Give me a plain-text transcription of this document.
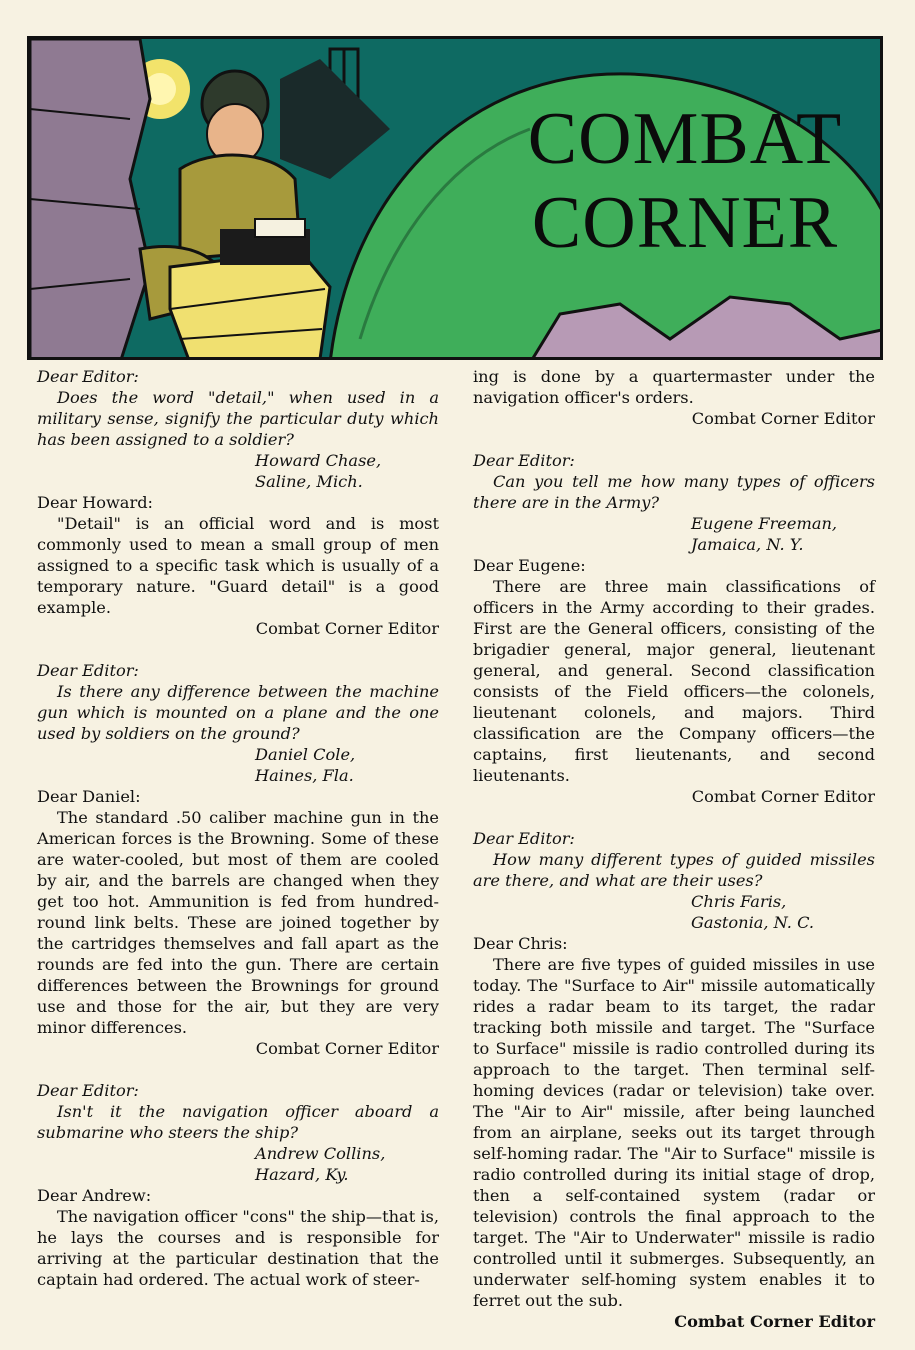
COMBAT
CORNER

Dear Editor:

Does the word "detail," when used in a military sense, signify the particular duty which has been assigned to a soldier?

Howard Chase,

Saline, Mich.

Dear Howard:

"Detail" is an official word and is most commonly used to mean a small group of men assigned to a specific task which is usually of a temporary nature. "Guard detail" is a good example.

Combat Corner Editor

Dear Editor:

Is there any difference between the machine gun which is mounted on a plane and the one used by soldiers on the ground?

Daniel Cole,

Haines, Fla.

Dear Daniel:

The standard .50 caliber machine gun in the American forces is the Browning. Some of these are water-cooled, but most of them are cooled by air, and the barrels are changed when they get too hot. Ammunition is fed from hundred-round link belts. These are joined together by the cartridges themselves and fall apart as the rounds are fed into the gun. There are certain differences between the Brownings for ground use and those for the air, but they are very minor differences.

Combat Corner Editor

Dear Editor:

Isn't it the navigation officer aboard a submarine who steers the ship?

Andrew Collins,

Hazard, Ky.

Dear Andrew:

The navigation officer "cons" the ship—that is, he lays the courses and is responsible for arriving at the particular destination that the captain had ordered. The actual work of steer-

ing is done by a quartermaster under the navigation officer's orders.

Combat Corner Editor

Dear Editor:

Can you tell me how many types of officers there are in the Army?

Eugene Freeman,

Jamaica, N. Y.

Dear Eugene:

There are three main classifications of officers in the Army according to their grades. First are the General officers, consisting of the brigadier general, major general, lieutenant general, and general. Second classification consists of the Field officers—the colonels, lieutenant colonels, and majors. Third classification are the Company officers—the captains, first lieutenants, and second lieutenants.

Combat Corner Editor

Dear Editor:

How many different types of guided missiles are there, and what are their uses?

Chris Faris,

Gastonia, N. C.

Dear Chris:

There are five types of guided missiles in use today. The "Surface to Air" missile automatically rides a radar beam to its target, the radar tracking both missile and target. The "Surface to Surface" missile is radio controlled during its approach to the target. Then terminal self-homing devices (radar or television) take over. The "Air to Air" missile, after being launched from an airplane, seeks out its target through self-homing radar. The "Air to Surface" missile is radio controlled during its initial stage of drop, then a self-contained system (radar or television) controls the final approach to the target. The "Air to Underwater" missile is radio controlled until it submerges. Subsequently, an underwater self-homing system enables it to ferret out the sub.

Combat Corner Editor
